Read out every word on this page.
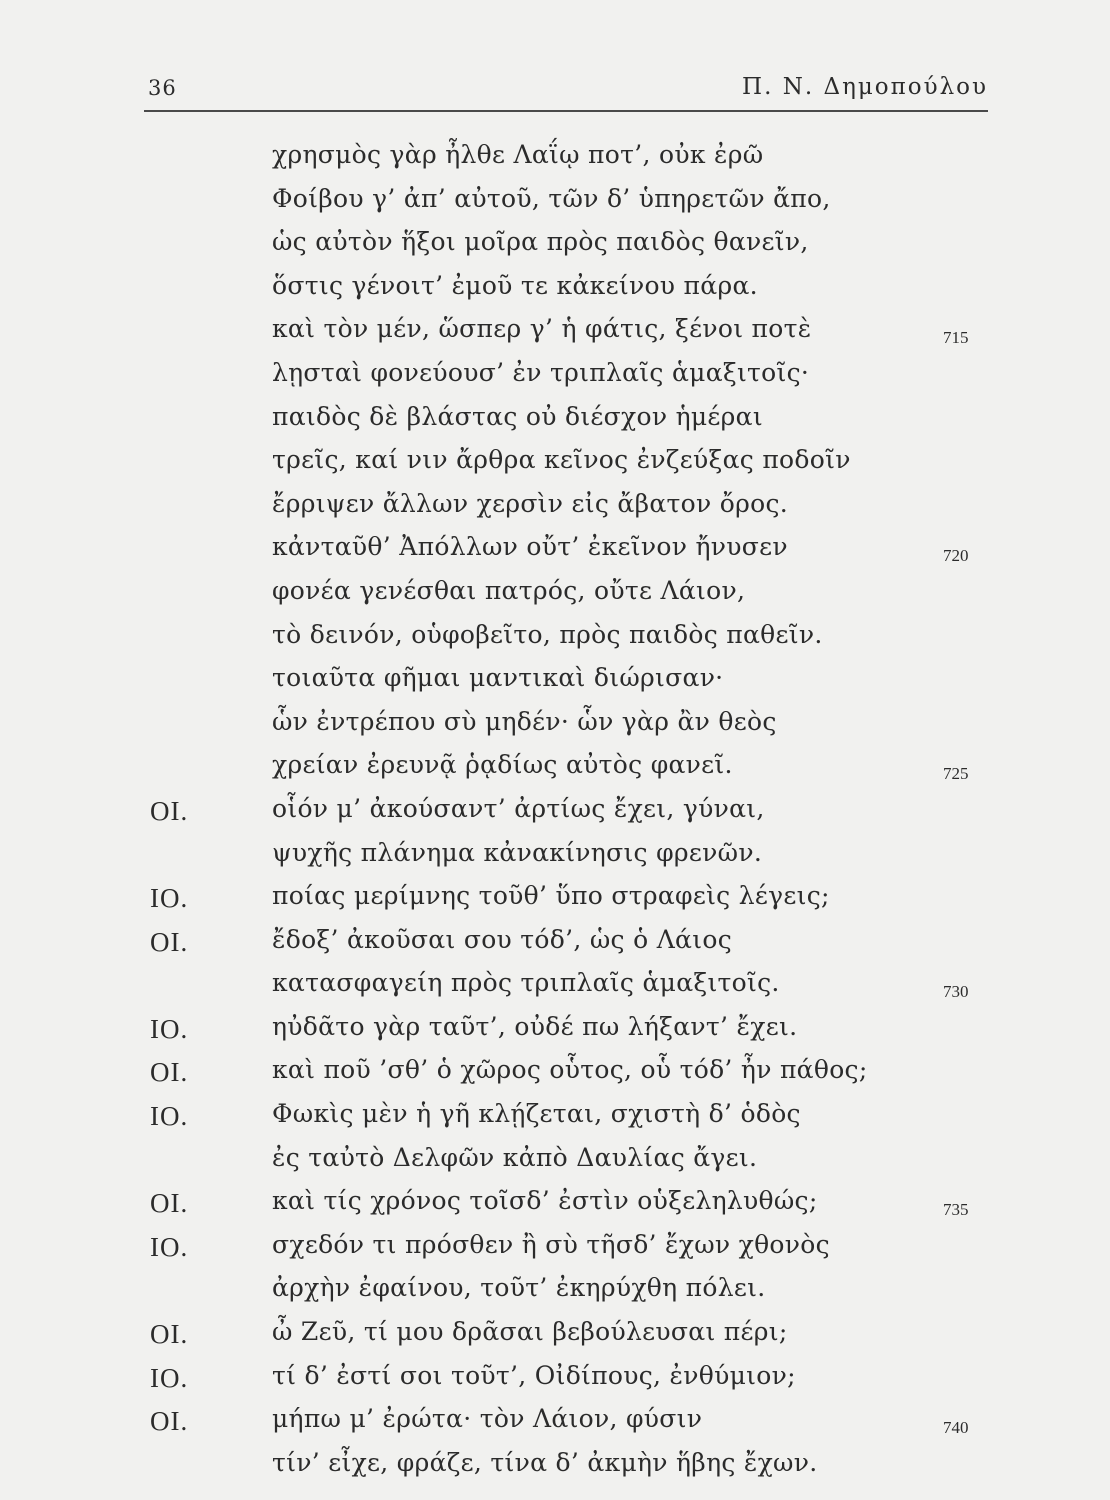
36	Π. Ν. Δημοπούλου
χρησμὸς γὰρ ἦλθε Λαΐῳ ποτ’, οὐκ ἐρῶ
Φοίβου γ’ ἀπ’ αὐτοῦ, τῶν δ’ ὑπηρετῶν ἄπο,
ὡς αὐτὸν ἥξοι μοῖρα πρὸς παιδὸς θανεῖν,
ὅστις γένοιτ’ ἐμοῦ τε κἀκείνου πάρα.
καὶ τὸν μέν, ὥσπερ γ’ ἡ φάτις, ξένοι ποτὲ	715
λῃσταὶ φονεύουσ’ ἐν τριπλαῖς ἁμαξιτοῖς·
παιδὸς δὲ βλάστας οὐ διέσχον ἡμέραι
τρεῖς, καί νιν ἄρθρα κεῖνος ἐνζεύξας ποδοῖν
ἔρριψεν ἄλλων χερσὶν εἰς ἄβατον ὄρος.
κἀνταῦθ’ Ἀπόλλων οὔτ’ ἐκεῖνον ἤνυσεν	720
φονέα γενέσθαι πατρός, οὔτε Λάιον,
τὸ δεινόν, οὑφοβεῖτο, πρὸς παιδὸς παθεῖν.
τοιαῦτα φῆμαι μαντικαὶ διώρισαν·
ὧν ἐντρέπου σὺ μηδέν· ὧν γὰρ ἂν θεὸς
χρείαν ἐρευνᾷ ῥᾳδίως αὐτὸς φανεῖ.	725
ΟΙ.	οἷόν μ’ ἀκούσαντ’ ἀρτίως ἔχει, γύναι,
ψυχῆς πλάνημα κἀνακίνησις φρενῶν.
ΙΟ.	ποίας μερίμνης τοῦθ’ ὕπο στραφεὶς λέγεις;
ΟΙ.	ἔδοξ’ ἀκοῦσαι σου τόδ’, ὡς ὁ Λάιος
κατασφαγείη πρὸς τριπλαῖς ἁμαξιτοῖς.	730
ΙΟ.	ηὐδᾶτο γὰρ ταῦτ’, οὐδέ πω λήξαντ’ ἔχει.
ΟΙ.	καὶ ποῦ ’σθ’ ὁ χῶρος οὗτος, οὗ τόδ’ ἦν πάθος;
ΙΟ.	Φωκὶς μὲν ἡ γῆ κλῄζεται, σχιστὴ δ’ ὁδὸς
ἐς ταὐτὸ Δελφῶν κἀπὸ Δαυλίας ἄγει.
ΟΙ.	καὶ τίς χρόνος τοῖσδ’ ἐστὶν οὑξεληλυθώς;	735
ΙΟ.	σχεδόν τι πρόσθεν ἢ σὺ τῆσδ’ ἔχων χθονὸς
ἀρχὴν ἐφαίνου, τοῦτ’ ἐκηρύχθη πόλει.
ΟΙ.	ὦ Ζεῦ, τί μου δρᾶσαι βεβούλευσαι πέρι;
ΙΟ.	τί δ’ ἐστί σοι τοῦτ’, Οἰδίπους, ἐνθύμιον;
ΟΙ.	μήπω μ’ ἐρώτα· τὸν Λάιον, φύσιν	740
τίν’ εἶχε, φράζε, τίνα δ’ ἀκμὴν ἥβης ἔχων.
